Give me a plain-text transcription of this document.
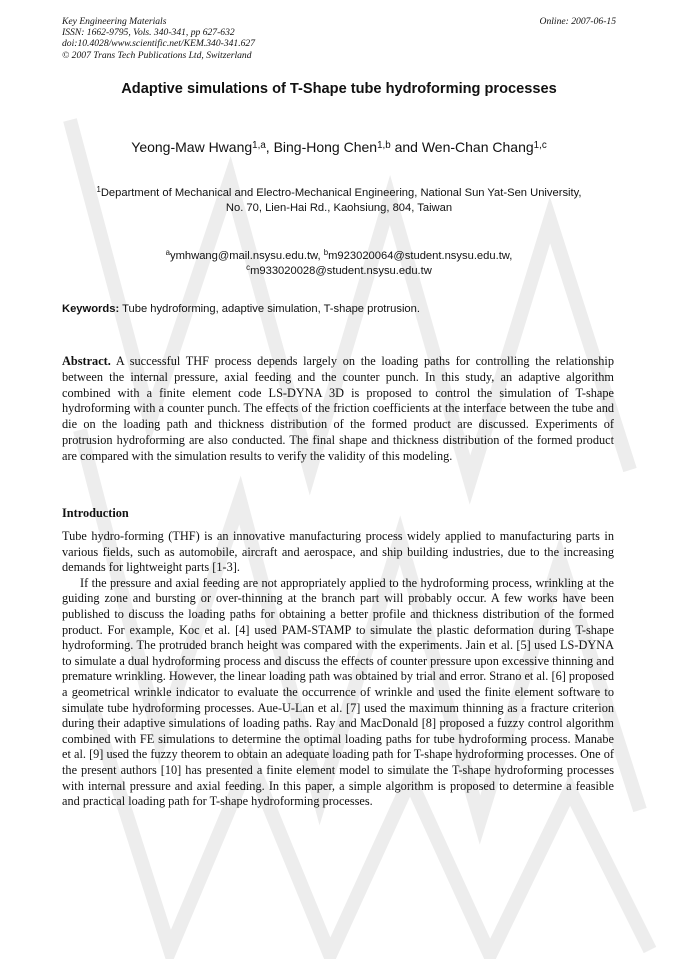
Key Engineering Materials
ISSN: 1662-9795, Vols. 340-341, pp 627-632
doi:10.4028/www.scientific.net/KEM.340-341.627
© 2007 Trans Tech Publications Ltd, Switzerland
Online: 2007-06-15
Adaptive simulations of T-Shape tube hydroforming processes
Yeong-Maw Hwang$^{1,a}$, Bing-Hong Chen$^{1,b}$ and Wen-Chan Chang$^{1,c}$
$^1$Department of Mechanical and Electro-Mechanical Engineering, National Sun Yat-Sen University,
No. 70, Lien-Hai Rd., Kaohsiung, 804, Taiwan
$^a$ymhwang@mail.nsysu.edu.tw, $^b$m923020064@student.nsysu.edu.tw,
$^c$m933020028@student.nsysu.edu.tw
Keywords: Tube hydroforming, adaptive simulation, T-shape protrusion.
Abstract. A successful THF process depends largely on the loading paths for controlling the relationship between the internal pressure, axial feeding and the counter punch. In this study, an adaptive algorithm combined with a finite element code LS-DYNA 3D is proposed to control the simulation of T-shape hydroforming with a counter punch. The effects of the friction coefficients at the interface between the tube and die on the loading path and thickness distribution of the formed product are discussed. Experiments of protrusion hydroforming are also conducted. The final shape and thickness distribution of the formed product are compared with the simulation results to verify the validity of this modeling.
Introduction

Tube hydro-forming (THF) is an innovative manufacturing process widely applied to manufacturing parts in various fields, such as automobile, aircraft and aerospace, and ship building industries, due to the increasing demands for lightweight parts [1-3].

If the pressure and axial feeding are not appropriately applied to the hydroforming process, wrinkling at the guiding zone and bursting or over-thinning at the branch part will probably occur. A few works have been published to discuss the loading paths for obtaining a better profile and thickness distribution of the formed product. For example, Koc et al. [4] used PAM-STAMP to simulate the plastic deformation during T-shape hydroforming. The protruded branch height was compared with the experiments. Jain et al. [5] used LS-DYNA to simulate a dual hydroforming process and discuss the effects of counter pressure upon excessive thinning and premature wrinkling. However, the linear loading path was obtained by trial and error. Strano et al. [6] proposed a geometrical wrinkle indicator to evaluate the occurrence of wrinkle and used the finite element software to simulate tube hydroforming processes. Aue-U-Lan et al. [7] used the maximum thinning as a fracture criterion during their adaptive simulations of loading paths. Ray and MacDonald [8] proposed a fuzzy control algorithm combined with FE simulations to determine the optimal loading paths for tube hydroforming process. Manabe et al. [9] used the fuzzy theorem to obtain an adequate loading path for T-shape hydroforming processes. One of the present authors [10] has presented a finite element model to simulate the T-shape hydroforming processes with internal pressure and axial feeding. In this paper, a simple algorithm is proposed to determine a feasible and practical loading path for T-shape hydroforming processes.
